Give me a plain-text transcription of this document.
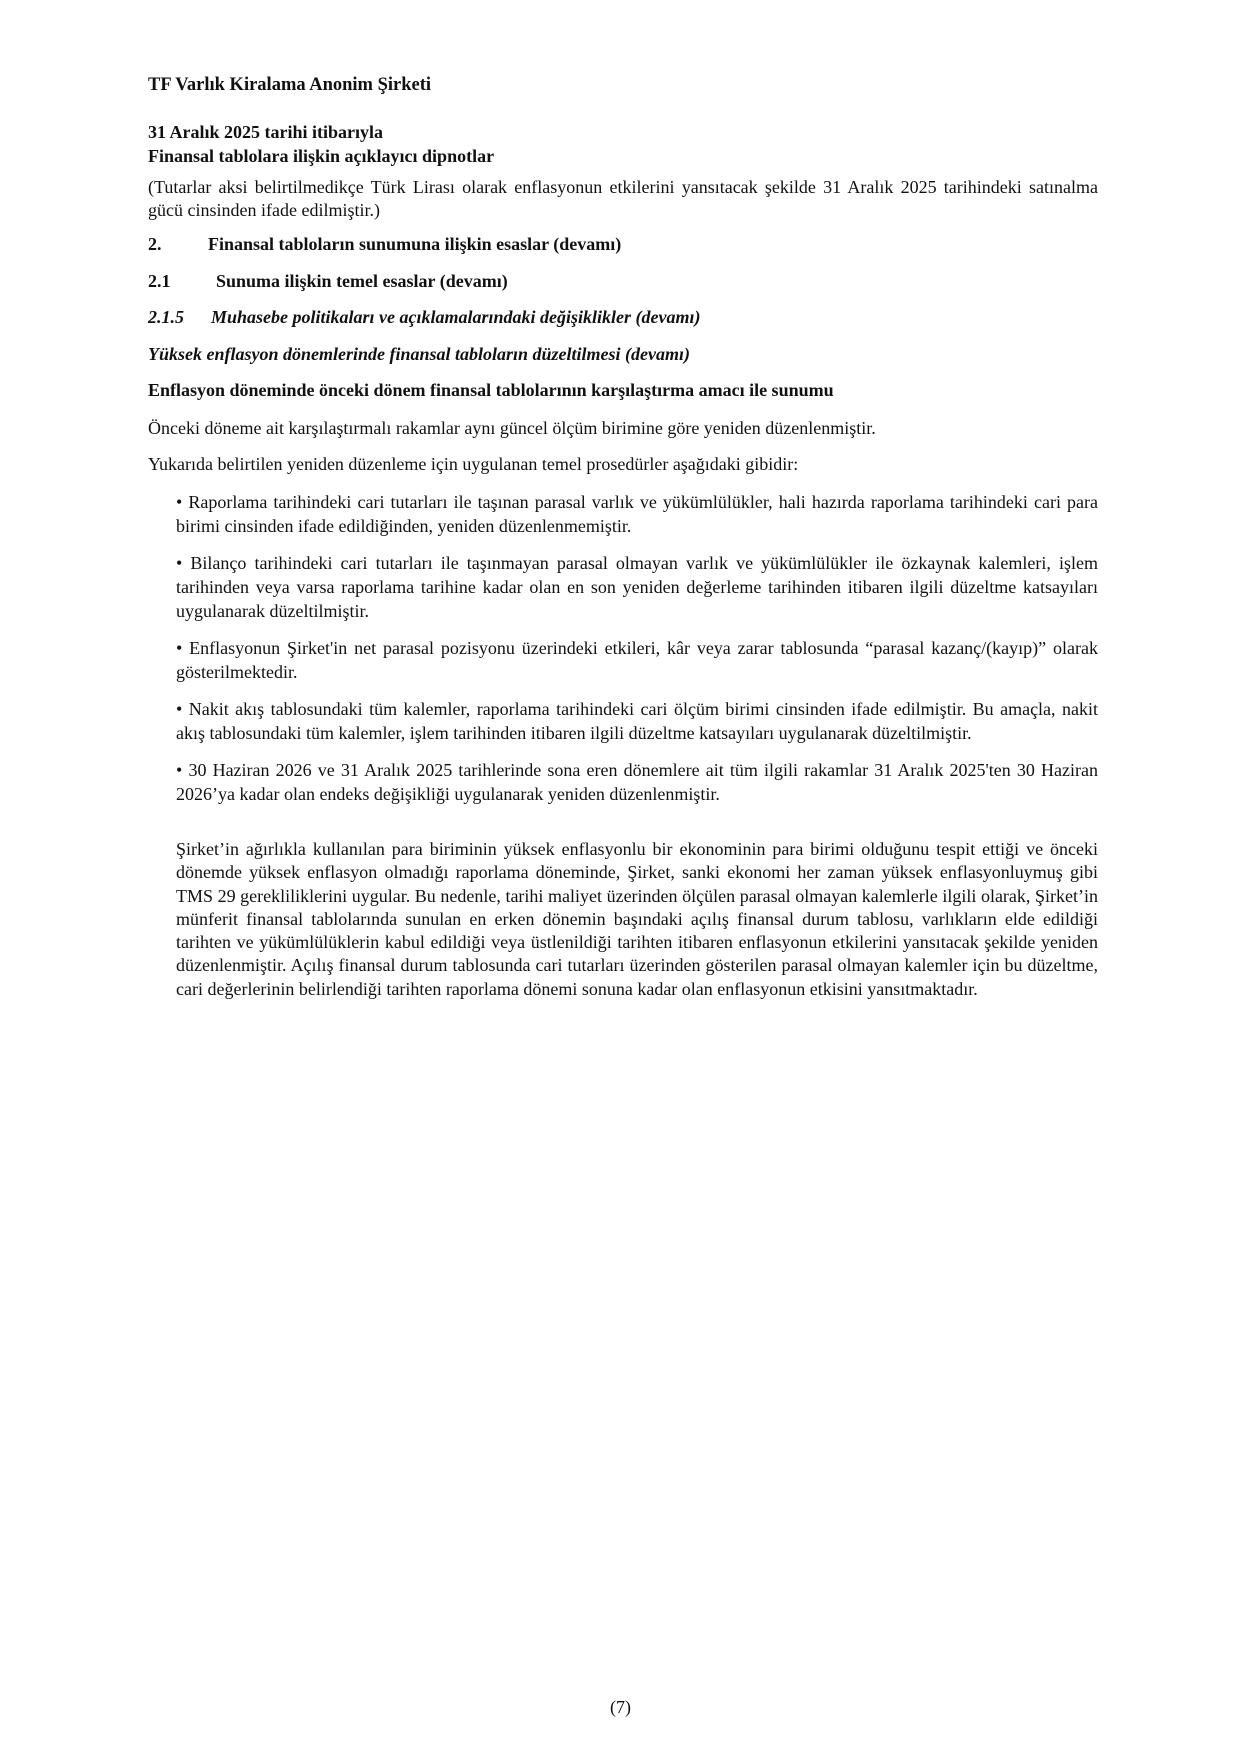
TF Varlık Kiralama Anonim Şirketi
31 Aralık 2025 tarihi itibarıyla
Finansal tablolara ilişkin açıklayıcı dipnotlar
(Tutarlar aksi belirtilmedikçe Türk Lirası olarak enflasyonun etkilerini yansıtacak şekilde 31 Aralık 2025 tarihindeki satınalma gücü cinsinden ifade edilmiştir.)
2.	Finansal tabloların sunumuna ilişkin esaslar (devamı)
2.1	Sunuma ilişkin temel esaslar (devamı)
2.1.5 Muhasebe politikaları ve açıklamalarındaki değişiklikler (devamı)
Yüksek enflasyon dönemlerinde finansal tabloların düzeltilmesi (devamı)
Enflasyon döneminde önceki dönem finansal tablolarının karşılaştırma amacı ile sunumu
Önceki döneme ait karşılaştırmalı rakamlar aynı güncel ölçüm birimine göre yeniden düzenlenmiştir.
Yukarıda belirtilen yeniden düzenleme için uygulanan temel prosedürler aşağıdaki gibidir:

• Raporlama tarihindeki cari tutarları ile taşınan parasal varlık ve yükümlülükler, hali hazırda raporlama tarihindeki cari para birimi cinsinden ifade edildiğinden, yeniden düzenlenmemiştir.

• Bilanço tarihindeki cari tutarları ile taşınmayan parasal olmayan varlık ve yükümlülükler ile özkaynak kalemleri, işlem tarihinden veya varsa raporlama tarihine kadar olan en son yeniden değerleme tarihinden itibaren ilgili düzeltme katsayıları uygulanarak düzeltilmiştir.

• Enflasyonun Şirket'in net parasal pozisyonu üzerindeki etkileri, kâr veya zarar tablosunda “parasal kazanç/(kayıp)” olarak gösterilmektedir.

• Nakit akış tablosundaki tüm kalemler, raporlama tarihindeki cari ölçüm birimi cinsinden ifade edilmiştir. Bu amaçla, nakit akış tablosundaki tüm kalemler, işlem tarihinden itibaren ilgili düzeltme katsayıları uygulanarak düzeltilmiştir.

• 30 Haziran 2026 ve 31 Aralık 2025 tarihlerinde sona eren dönemlere ait tüm ilgili rakamlar 31 Aralık 2025'ten 30 Haziran 2026’ya kadar olan endeks değişikliği uygulanarak yeniden düzenlenmiştir.

Şirket’in ağırlıkla kullanılan para biriminin yüksek enflasyonlu bir ekonominin para birimi olduğunu tespit ettiği ve önceki dönemde yüksek enflasyon olmadığı raporlama döneminde, Şirket, sanki ekonomi her zaman yüksek enflasyonluymuş gibi TMS 29 gerekliliklerini uygular. Bu nedenle, tarihi maliyet üzerinden ölçülen parasal olmayan kalemlerle ilgili olarak, Şirket’in münferit finansal tablolarında sunulan en erken dönemin başındaki açılış finansal durum tablosu, varlıkların elde edildiği tarihten ve yükümlülüklerin kabul edildiği veya üstlenildiği tarihten itibaren enflasyonun etkilerini yansıtacak şekilde yeniden düzenlenmiştir. Açılış finansal durum tablosunda cari tutarları üzerinden gösterilen parasal olmayan kalemler için bu düzeltme, cari değerlerinin belirlendiği tarihten raporlama dönemi sonuna kadar olan enflasyonun etkisini yansıtmaktadır.
(7)
